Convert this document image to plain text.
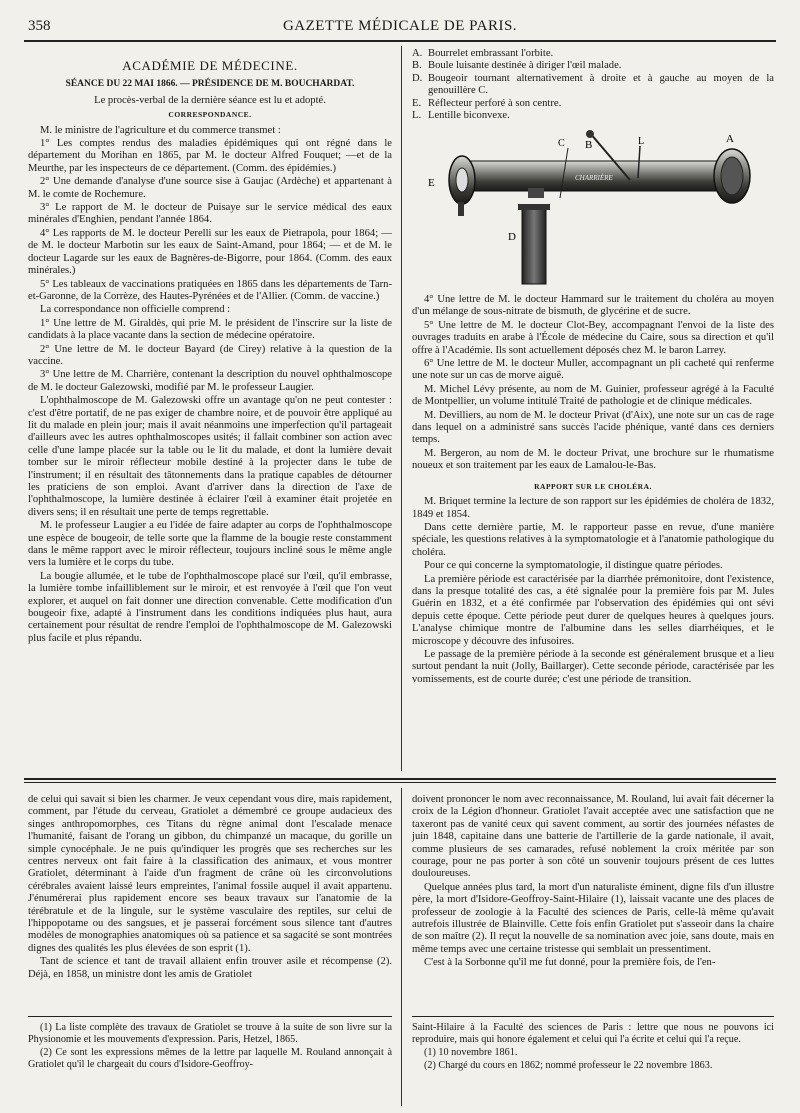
358	GAZETTE MÉDICALE DE PARIS.
ACADÉMIE DE MÉDECINE.
SÉANCE DU 22 MAI 1866. — PRÉSIDENCE DE M. BOUCHARDAT.

Le procès-verbal de la dernière séance est lu et adopté.

CORRESPONDANCE.

M. le ministre de l'agriculture et du commerce transmet :

1° Les comptes rendus des maladies épidémiques qui ont régné dans le département du Morihan en 1865, par M. le docteur Alfred Fouquet; —et de la Meurthe, par les inspecteurs de ce département. (Comm. des épidémies.)

2° Une demande d'analyse d'une source sise à Gaujac (Ardèche) et appartenant à M. le comte de Rochemure.

3° Le rapport de M. le docteur de Puisaye sur le service médical des eaux minérales d'Enghien, pendant l'année 1864.

4° Les rapports de M. le docteur Perelli sur les eaux de Pietrapola, pour 1864; — de M. le docteur Marbotin sur les eaux de Saint-Amand, pour 1864; — et de M. le docteur Lagarde sur les eaux de Bagnères-de-Bigorre, pour 1864. (Comm. des eaux minérales.)

5° Les tableaux de vaccinations pratiquées en 1865 dans les départements de Tarn-et-Garonne, de la Corrèze, des Hautes-Pyrénées et de l'Allier. (Comm. de vaccine.)

La correspondance non officielle comprend :

1° Une lettre de M. Giraldès, qui prie M. le président de l'inscrire sur la liste de candidats à la place vacante dans la section de médecine opératoire.

2° Une lettre de M. le docteur Bayard (de Cirey) relative à la question de la vaccine.

3° Une lettre de M. Charrière, contenant la description du nouvel ophthalmoscope de M. le docteur Galezowski, modifié par M. le professeur Laugier.

L'ophthalmoscope de M. Galezowski offre un avantage qu'on ne peut contester : c'est d'être portatif, de ne pas exiger de chambre noire, et de pouvoir être appliqué au lit du malade en plein jour; mais il avait néanmoins une imperfection qu'il partageait d'ailleurs avec les autres ophthalmoscopes usités; il fallait combiner son action avec celle d'une lampe placée sur la table ou le lit du malade, et dont la lumière devait tomber sur le miroir réflecteur mobile destiné à la projecter dans le tube de l'instrument; il en résultait des tâtonnements dans la pratique capables de détourner les praticiens de son emploi. Avant d'arriver dans la direction de l'axe de l'ophthalmoscope, la lumière destinée à éclairer l'œil à examiner était projetée en divers sens; il en résultait une perte de temps regrettable.

M. le professeur Laugier a eu l'idée de faire adapter au corps de l'ophthalmoscope une espèce de bougeoir, de telle sorte que la flamme de la bougie reste constamment dans le même rapport avec le miroir réflecteur, toujours incliné sous le même angle vers la lumière et le corps du tube.

La bougie allumée, et le tube de l'ophthalmoscope placé sur l'œil, qu'il embrasse, la lumière tombe infailliblement sur le miroir, et est renvoyée à l'œil que l'on veut explorer, et auquel on fait donner une direction convenable. Cette modification d'un bougeoir fixe, adapté à l'instrument dans les conditions indiquées plus haut, aura certainement pour résultat de rendre l'emploi de l'ophthalmoscope de M. Galezowski plus facile et plus répandu.

A. Bourrelet embrassant l'orbite.

B. Boule luisante destinée à diriger l'œil malade.

D. Bougeoir tournant alternativement à droite et à gauche au moyen de la genouillère C.

E. Réflecteur perforé à son centre.

L. Lentille biconvexe.

CHARRIÈRE
A
B
C	L
E
D

4° Une lettre de M. le docteur Hammard sur le traitement du choléra au moyen d'un mélange de sous-nitrate de bismuth, de glycérine et de sucre.

5° Une lettre de M. le docteur Clot-Bey, accompagnant l'envoi de la liste des ouvrages traduits en arabe à l'École de médecine du Caire, sous sa direction et qu'il offre à l'Académie. Ils sont actuellement déposés chez M. le baron Larrey.

6° Une lettre de M. le docteur Muller, accompagnant un pli cacheté qui renferme une note sur un cas de morve aiguë.

M. Michel Lévy présente, au nom de M. Guinier, professeur agrégé à la Faculté de Montpellier, un volume intitulé Traité de pathologie et de clinique médicales.

M. Devilliers, au nom de M. le docteur Privat (d'Aix), une note sur un cas de rage dans lequel on a administré sans succès l'acide phénique, vanté dans ces derniers temps.

M. Bergeron, au nom de M. le docteur Privat, une brochure sur le rhumatisme noueux et son traitement par les eaux de Lamalou-le-Bas.

RAPPORT SUR LE CHOLÉRA.

M. Briquet termine la lecture de son rapport sur les épidémies de choléra de 1832, 1849 et 1854.

Dans cette dernière partie, M. le rapporteur passe en revue, d'une manière spéciale, les questions relatives à la symptomatologie et à l'anatomie pathologique du choléra.

Pour ce qui concerne la symptomatologie, il distingue quatre périodes.

La première période est caractérisée par la diarrhée prémonitoire, dont l'existence, dans la presque totalité des cas, a été signalée pour la première fois par M. Jules Guérin en 1832, et a été confirmée par l'observation des épidémies qui ont sévi depuis cette époque. Cette période peut durer de quelques heures à quelques jours. L'analyse chimique montre de l'albumine dans les selles diarrhéiques, et le microscope y découvre des infusoires.

Le passage de la première période à la seconde est généralement brusque et a lieu surtout pendant la nuit (Jolly, Baillarger). Cette seconde période, caractérisée par les vomissements, est de courte durée; c'est une période de transition.

de celui qui savait si bien les charmer. Je veux cependant vous dire, mais rapidement, comment, par l'étude du cerveau, Gratiolet a démembré ce groupe audacieux des singes anthropomorphes, ces Titans du règne animal dont l'escalade menace l'humanité, faisant de l'orang un gibbon, du chimpanzé un macaque, du gorille un simple cynocéphale. Je ne puis qu'indiquer les progrès que ses recherches sur les centres nerveux ont fait faire à la classification des animaux, et vous montrer Gratiolet, déterminant à l'aide d'un fragment de crâne où les circonvolutions cérébrales avaient laissé leurs empreintes, l'animal fossile auquel il avait appartenu. J'énumérerai plus rapidement encore ses beaux travaux sur l'anatomie de la térébratule et de la lingule, sur le système vasculaire des reptiles, sur celui de l'hippopotame ou des sangsues, et je passerai forcément sous silence tant d'autres modèles de monographies anatomiques où sa patience et sa sagacité se sont montrées dignes des qualités les plus élevées de son esprit (1).

Tant de science et tant de travail allaient enfin trouver asile et récompense (2). Déjà, en 1858, un ministre dont les amis de Gratiolet

doivent prononcer le nom avec reconnaissance, M. Rouland, lui avait fait décerner la croix de la Légion d'honneur. Gratiolet l'avait acceptée avec une satisfaction que ne taxeront pas de vanité ceux qui savent comment, au sortir des journées néfastes de juin 1848, capitaine dans une batterie de l'artillerie de la garde nationale, il avait, comme plusieurs de ses camarades, refusé noblement la croix méritée par son courage, pour ne pas porter à son côté un souvenir toujours présent de ces luttes douloureuses.

Quelque années plus tard, la mort d'un naturaliste éminent, digne fils d'un illustre père, la mort d'Isidore-Geoffroy-Saint-Hilaire (1), laissait vacante une des places de professeur de zoologie à la Faculté des sciences de Paris, celle-là même qu'avait autrefois illustrée de Blainville. Cette fois enfin Gratiolet put s'asseoir dans la chaire de son maître (2). Il reçut la nouvelle de sa nomination avec joie, sans doute, mais en même temps avec une certaine tristesse qui semblait un pressentiment.

C'est à la Sorbonne qu'il me fut donné, pour la première fois, de l'en-

(1) La liste complète des travaux de Gratiolet se trouve à la suite de son livre sur la Physionomie et les mouvements d'expression. Paris, Hetzel, 1865.

(2) Ce sont les expressions mêmes de la lettre par laquelle M. Rouland annonçait à Gratiolet qu'il le chargeait du cours d'Isidore-Geoffroy-

Saint-Hilaire à la Faculté des sciences de Paris : lettre que nous ne pouvons ici reproduire, mais qui honore également et celui qui l'a écrite et celui qui l'a reçue.

(1) 10 novembre 1861.

(2) Chargé du cours en 1862; nommé professeur le 22 novembre 1863.
